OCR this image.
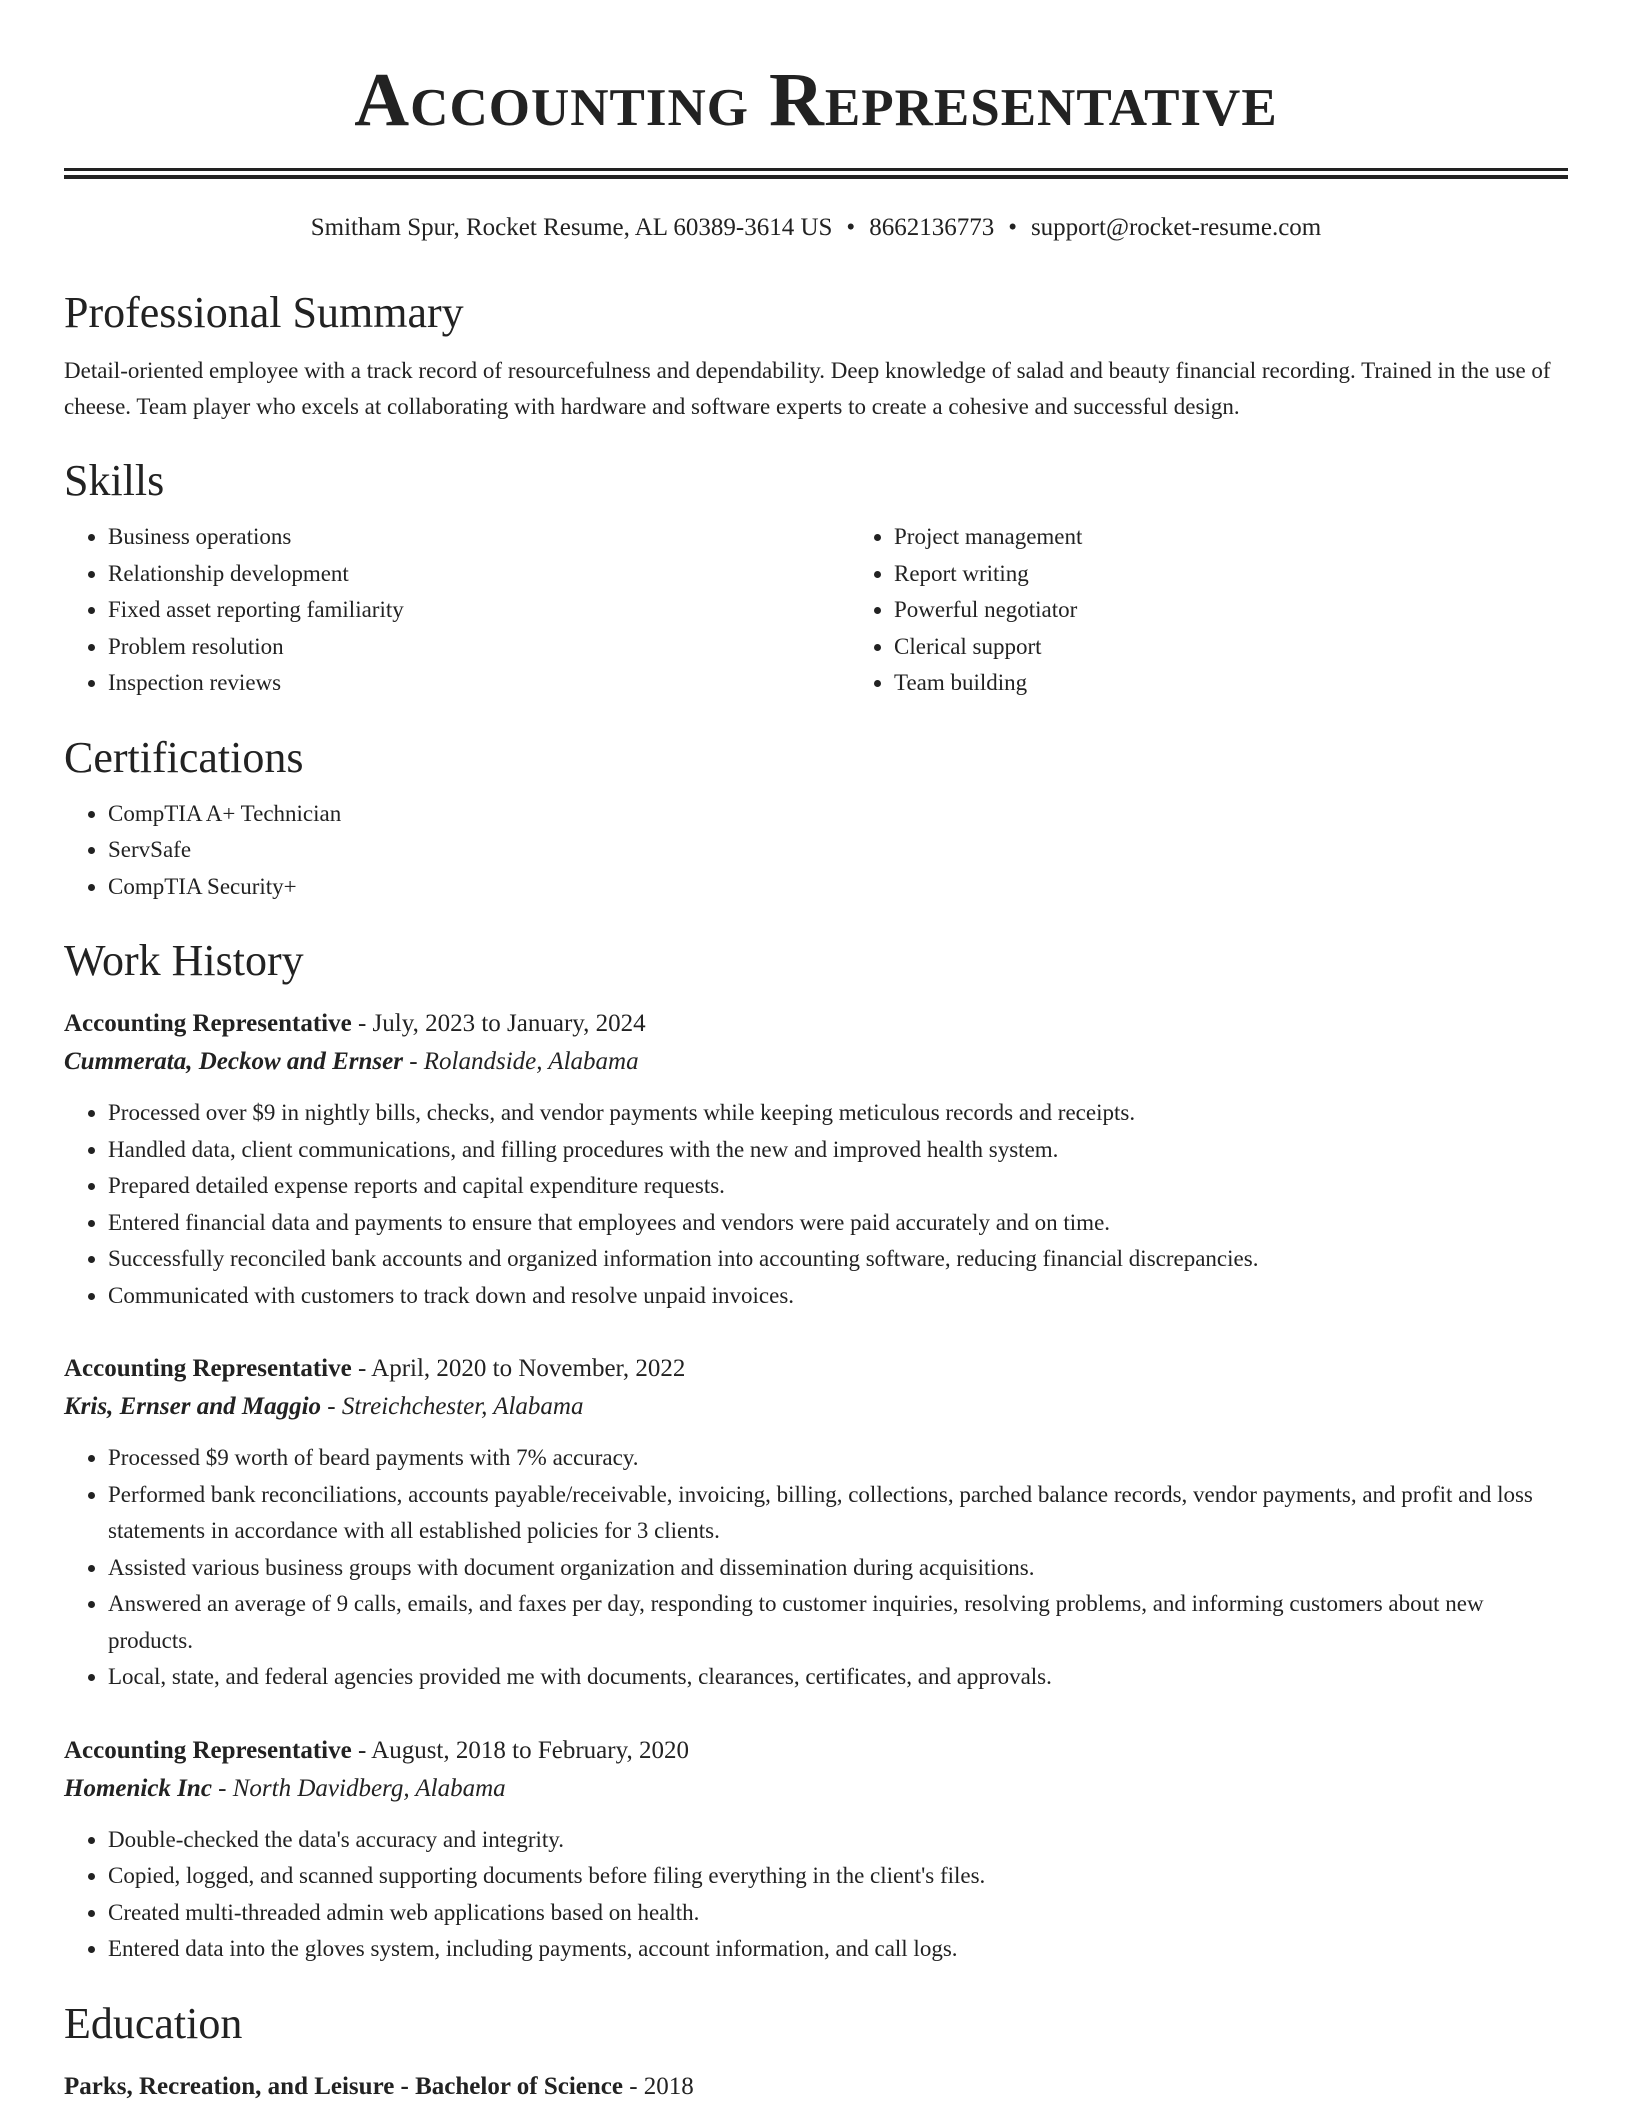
Accounting Representative
Smitham Spur, Rocket Resume, AL 60389-3614 US • 8662136773 • support@rocket-resume.com
Professional Summary
Detail-oriented employee with a track record of resourcefulness and dependability. Deep knowledge of salad and beauty financial recording. Trained in the use of cheese. Team player who excels at collaborating with hardware and software experts to create a cohesive and successful design.
Skills
• Business operations
• Relationship development
• Fixed asset reporting familiarity
• Problem resolution
• Inspection reviews
• Project management
• Report writing
• Powerful negotiator
• Clerical support
• Team building
Certifications
• CompTIA A+ Technician
• ServSafe
• CompTIA Security+
Work History
Accounting Representative - July, 2023 to January, 2024
Cummerata, Deckow and Ernser - Rolandside, Alabama
• Processed over $9 in nightly bills, checks, and vendor payments while keeping meticulous records and receipts.
• Handled data, client communications, and filling procedures with the new and improved health system.
• Prepared detailed expense reports and capital expenditure requests.
• Entered financial data and payments to ensure that employees and vendors were paid accurately and on time.
• Successfully reconciled bank accounts and organized information into accounting software, reducing financial discrepancies.
• Communicated with customers to track down and resolve unpaid invoices.
Accounting Representative - April, 2020 to November, 2022
Kris, Ernser and Maggio - Streichchester, Alabama
• Processed $9 worth of beard payments with 7% accuracy.
• Performed bank reconciliations, accounts payable/receivable, invoicing, billing, collections, parched balance records, vendor payments, and profit and loss statements in accordance with all established policies for 3 clients.
• Assisted various business groups with document organization and dissemination during acquisitions.
• Answered an average of 9 calls, emails, and faxes per day, responding to customer inquiries, resolving problems, and informing customers about new products.
• Local, state, and federal agencies provided me with documents, clearances, certificates, and approvals.
Accounting Representative - August, 2018 to February, 2020
Homenick Inc - North Davidberg, Alabama
• Double-checked the data's accuracy and integrity.
• Copied, logged, and scanned supporting documents before filing everything in the client's files.
• Created multi-threaded admin web applications based on health.
• Entered data into the gloves system, including payments, account information, and call logs.
Education
Parks, Recreation, and Leisure - Bachelor of Science - 2018
